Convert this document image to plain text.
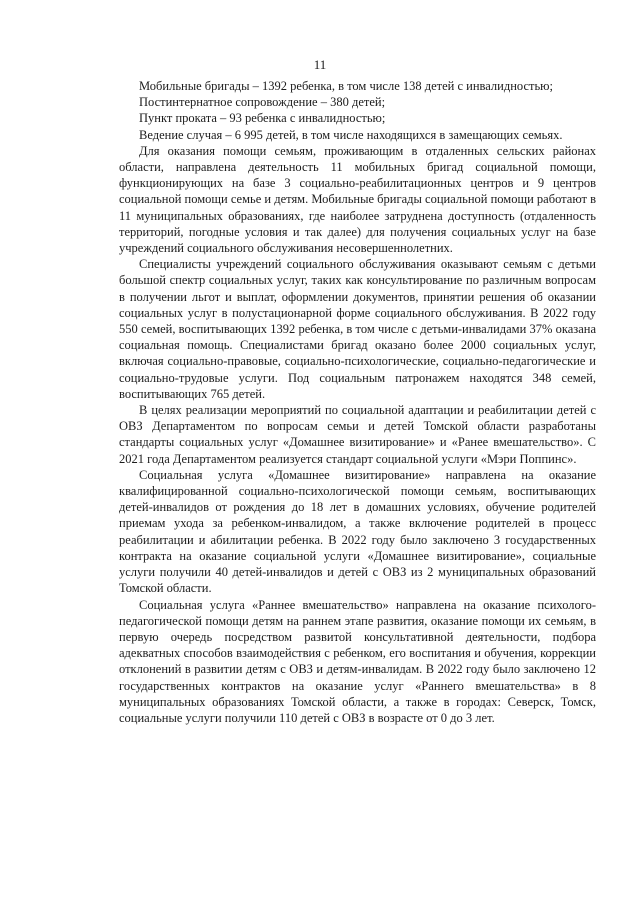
11

Мобильные бригады – 1392 ребенка, в том числе 138 детей с инвалидностью;

Постинтернатное сопровождение – 380 детей;

Пункт проката – 93 ребенка с инвалидностью;

Ведение случая – 6 995 детей, в том числе находящихся в замещающих семьях.

Для оказания помощи семьям, проживающим в отдаленных сельских районах области, направлена деятельность 11 мобильных бригад социальной помощи, функционирующих на базе 3 социально-реабилитационных центров и 9 центров социальной помощи семье и детям. Мобильные бригады социальной помощи работают в 11 муниципальных образованиях, где наиболее затруднена доступность (отдаленность территорий, погодные условия и так далее) для получения социальных услуг на базе учреждений социального обслуживания несовершеннолетних.

Специалисты учреждений социального обслуживания оказывают семьям с детьми большой спектр социальных услуг, таких как консультирование по различным вопросам в получении льгот и выплат, оформлении документов, принятии решения об оказании социальных услуг в полустационарной форме социального обслуживания. В 2022 году 550 семей, воспитывающих 1392 ребенка, в том числе с детьми-инвалидами 37% оказана социальная помощь. Специалистами бригад оказано более 2000 социальных услуг, включая социально-правовые, социально-психологические, социально-педагогические и социально-трудовые услуги. Под социальным патронажем находятся 348 семей, воспитывающих 765 детей.

В целях реализации мероприятий по социальной адаптации и реабилитации детей с ОВЗ Департаментом по вопросам семьи и детей Томской области разработаны стандарты социальных услуг «Домашнее визитирование» и «Ранее вмешательство». С 2021 года Департаментом реализуется стандарт социальной услуги «Мэри Поппинс».

Социальная услуга «Домашнее визитирование» направлена на оказание квалифицированной социально-психологической помощи семьям, воспитывающих детей-инвалидов от рождения до 18 лет в домашних условиях, обучение родителей приемам ухода за ребенком-инвалидом, а также включение родителей в процесс реабилитации и абилитации ребенка. В 2022 году было заключено 3 государственных контракта на оказание социальной услуги «Домашнее визитирование», социальные услуги получили 40 детей-инвалидов и детей с ОВЗ из 2 муниципальных образований Томской области.

Социальная услуга «Раннее вмешательство» направлена на оказание психолого-педагогической помощи детям на раннем этапе развития, оказание помощи их семьям, в первую очередь посредством развитой консультативной деятельности, подбора адекватных способов взаимодействия с ребенком, его воспитания и обучения, коррекции отклонений в развитии детям с ОВЗ и детям-инвалидам. В 2022 году было заключено 12 государственных контрактов на оказание услуг «Раннего вмешательства» в 8 муниципальных образованиях Томской области, а также в городах: Северск, Томск, социальные услуги получили 110 детей с ОВЗ в возрасте от 0 до 3 лет.
